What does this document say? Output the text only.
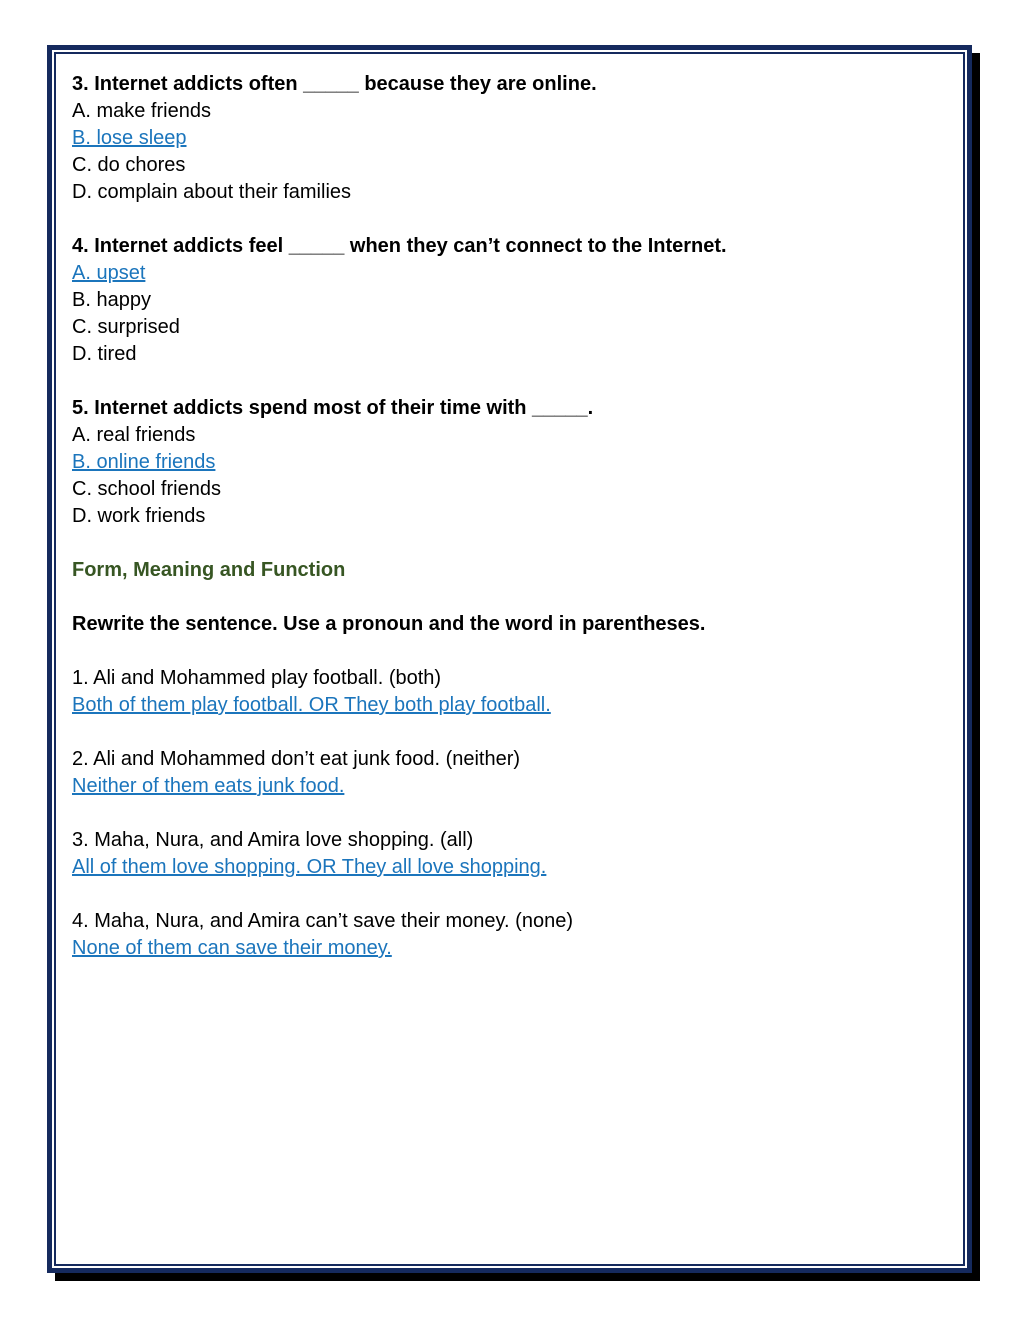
3. Internet addicts often _____ because they are online.

A. make friends

B. lose sleep

C. do chores

D. complain about their families

4. Internet addicts feel _____ when they can’t connect to the Internet.

A. upset

B. happy

C. surprised

D. tired

5. Internet addicts spend most of their time with _____.

A. real friends

B. online friends

C. school friends

D. work friends

Form, Meaning and Function

Rewrite the sentence. Use a pronoun and the word in parentheses.

1. Ali and Mohammed play football. (both)

Both of them play football. OR They both play football.

2. Ali and Mohammed don’t eat junk food. (neither)

Neither of them eats junk food.

3. Maha, Nura, and Amira love shopping. (all)

All of them love shopping. OR They all love shopping.

4. Maha, Nura, and Amira can’t save their money. (none)

None of them can save their money.
